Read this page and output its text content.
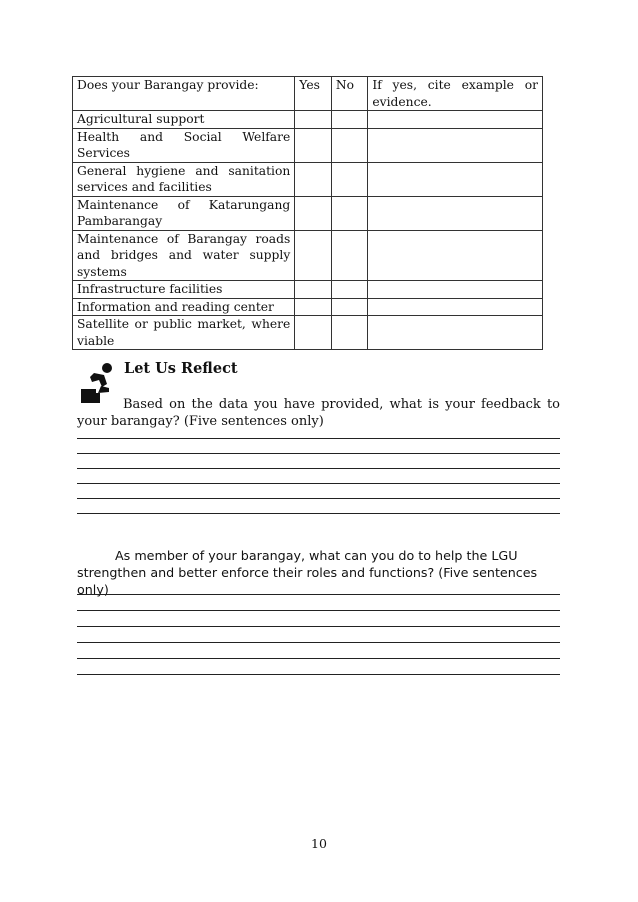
Does your Barangay provide:	Yes	No	If yes, cite example or evidence.
Agricultural support			
Health and Social Welfare Services			
General hygiene and sanitation services and facilities			
Maintenance of Katarungang Pambarangay			
Maintenance of Barangay roads and bridges and water supply systems			
Infrastructure facilities			
Information and reading center			
Satellite or public market, where viable			
Let Us Reflect
Based on the data you have provided, what is your feedback to your barangay? (Five sentences only)
As member of your barangay, what can you do to help the LGU strengthen and better enforce their roles and functions? (Five sentences only)
10
